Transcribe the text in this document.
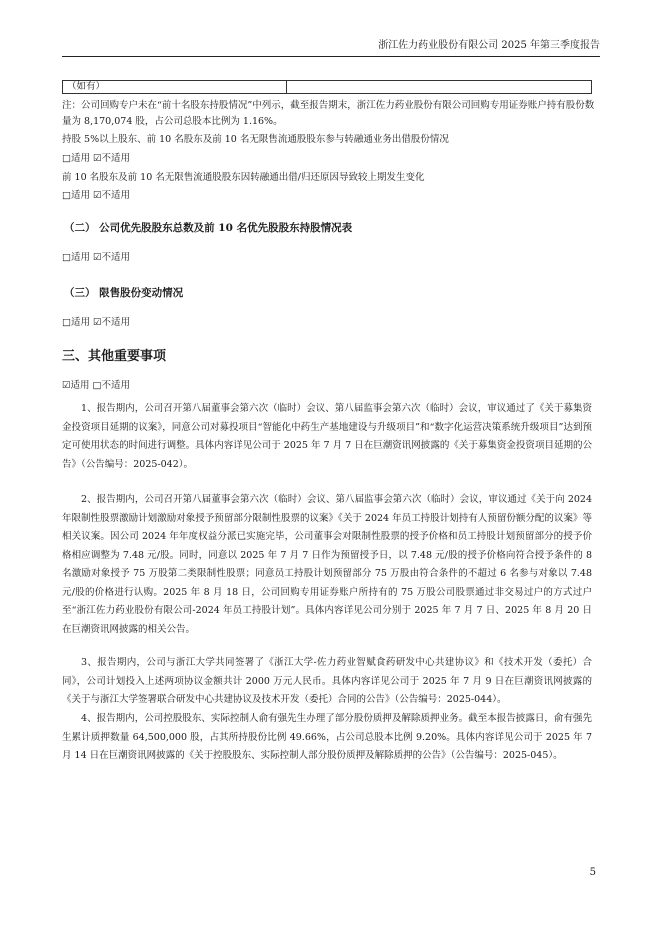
浙江佐力药业股份有限公司 2025 年第三季度报告
（如有）
注：公司回购专户未在“前十名股东持股情况”中列示，截至报告期末，浙江佐力药业股份有限公司回购专用证券账户持有股份数量为 8,170,074 股，占公司总股本比例为 1.16%。
持股 5%以上股东、前 10 名股东及前 10 名无限售流通股股东参与转融通业务出借股份情况
□适用 ☑不适用
前 10 名股东及前 10 名无限售流通股股东因转融通出借/归还原因导致较上期发生变化
□适用 ☑不适用
（二） 公司优先股股东总数及前 10 名优先股股东持股情况表
□适用 ☑不适用
（三） 限售股份变动情况
□适用 ☑不适用
三、其他重要事项
☑适用 □不适用
1、报告期内，公司召开第八届董事会第六次（临时）会议、第八届监事会第六次（临时）会议，审议通过了《关于募集资金投资项目延期的议案》，同意公司对募投项目“智能化中药生产基地建设与升级项目”和“数字化运营决策系统升级项目”达到预定可使用状态的时间进行调整。具体内容详见公司于 2025 年 7 月 7 日在巨潮资讯网披露的《关于募集资金投资项目延期的公告》（公告编号：2025-042）。
2、报告期内，公司召开第八届董事会第六次（临时）会议、第八届监事会第六次（临时）会议，审议通过《关于向 2024 年限制性股票激励计划激励对象授予预留部分限制性股票的议案》《关于 2024 年员工持股计划持有人预留份额分配的议案》等相关议案。因公司 2024 年年度权益分派已实施完毕，公司董事会对限制性股票的授予价格和员工持股计划预留部分的授予价格相应调整为 7.48 元/股。同时，同意以 2025 年 7 月 7 日作为预留授予日，以 7.48 元/股的授予价格向符合授予条件的 8 名激励对象授予 75 万股第二类限制性股票；同意员工持股计划预留部分 75 万股由符合条件的不超过 6 名参与对象以 7.48 元/股的价格进行认购。2025 年 8 月 18 日，公司回购专用证券账户所持有的 75 万股公司股票通过非交易过户的方式过户至“浙江佐力药业股份有限公司-2024 年员工持股计划”。具体内容详见公司分别于 2025 年 7 月 7 日、2025 年 8 月 20 日在巨潮资讯网披露的相关公告。
3、报告期内，公司与浙江大学共同签署了《浙江大学-佐力药业智赋食药研发中心共建协议》和《技术开发（委托）合同》，公司计划投入上述两项协议金额共计 2000 万元人民币。具体内容详见公司于 2025 年 7 月 9 日在巨潮资讯网披露的《关于与浙江大学签署联合研发中心共建协议及技术开发（委托）合同的公告》（公告编号：2025-044）。
4、报告期内，公司控股股东、实际控制人俞有强先生办理了部分股份质押及解除质押业务。截至本报告披露日，俞有强先生累计质押数量 64,500,000 股，占其所持股份比例 49.66%，占公司总股本比例 9.20%。具体内容详见公司于 2025 年 7 月 14 日在巨潮资讯网披露的《关于控股股东、实际控制人部分股份质押及解除质押的公告》（公告编号：2025-045）。
5
